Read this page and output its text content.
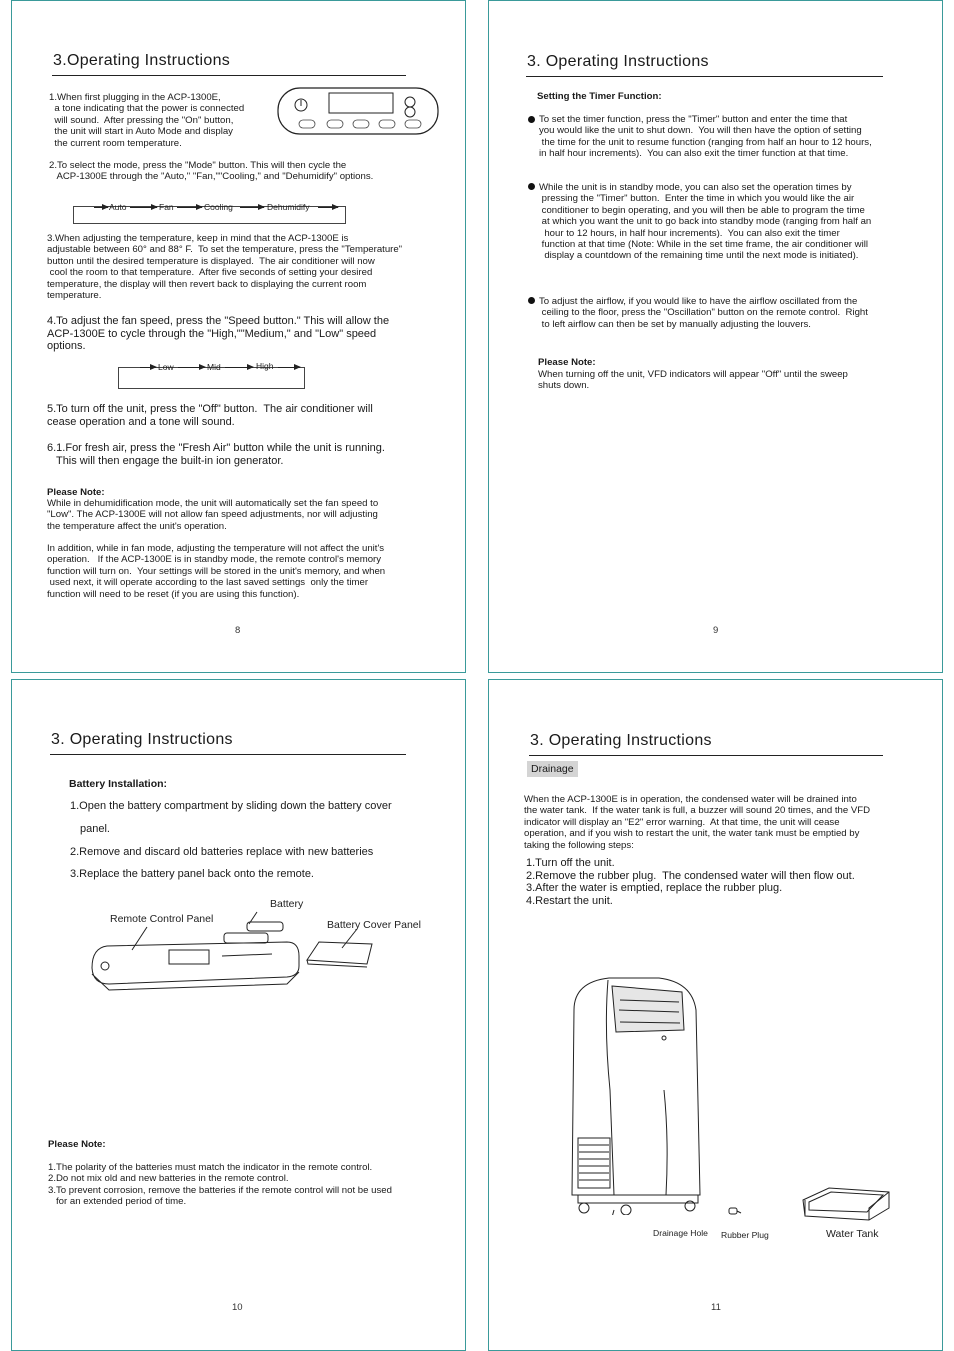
3.Operating Instructions
1.When first plugging in the ACP-1300E,
a tone indicating that the power is connected
will sound.  After pressing the "On" button,
the unit will start in Auto Mode and display
the current room temperature.
2.To select the mode, press the "Mode" button. This will then cycle the
ACP-1300E through the "Auto," "Fan,""Cooling," and "Dehumidify" options.
Auto	Fan	Cooling	Dehumidify
3.When adjusting the temperature, keep in mind that the ACP-1300E is
adjustable between 60° and 88° F.  To set the temperature, press the "Temperature"
button until the desired temperature is displayed.  The air conditioner will now
cool the room to that temperature.  After five seconds of setting your desired
temperature, the display will then revert back to displaying the current room
temperature.
4.To adjust the fan speed, press the "Speed button." This will allow the
ACP-1300E to cycle through the "High,""Medium," and "Low" speed
options.
Low	Mid	High
5.To turn off the unit, press the "Off" button.  The air conditioner will
cease operation and a tone will sound.
6.1.For fresh air, press the "Fresh Air" button while the unit is running.
This will then engage the built-in ion generator.
Please Note:
While in dehumidification mode, the unit will automatically set the fan speed to
"Low". The ACP-1300E will not allow fan speed adjustments, nor will adjusting
the temperature affect the unit's operation.
In addition, while in fan mode, adjusting the temperature will not affect the unit's
operation.   If the ACP-1300E is in standby mode, the remote control's memory
function will turn on.  Your settings will be stored in the unit's memory, and when
used next, it will operate according to the last saved settings  only the timer
function will need to be reset (if you are using this function).
8
3. Operating Instructions
Setting the Timer Function:
To set the timer function, press the "Timer" button and enter the time that
you would like the unit to shut down.  You will then have the option of setting
the time for the unit to resume function (ranging from half an hour to 12 hours,
in half hour increments).  You can also exit the timer function at that time.
While the unit is in standby mode, you can also set the operation times by
pressing the "Timer" button.  Enter the time in which you would like the air
conditioner to begin operating, and you will then be able to program the time
at which you want the unit to go back into standby mode (ranging from half an
hour to 12 hours, in half hour increments).  You can also exit the timer
function at that time (Note: While in the set time frame, the air conditioner will
display a countdown of the remaining time until the next mode is initiated).
To adjust the airflow, if you would like to have the airflow oscillated from the
ceiling to the floor, press the "Oscillation" button on the remote control.  Right
to left airflow can then be set by manually adjusting the louvers.
Please Note:
When turning off the unit, VFD indicators will appear "Off" until the sweep
shuts down.
9
3. Operating Instructions
Battery Installation:
1.Open the battery compartment by sliding down the battery cover
panel.
2.Remove and discard old batteries replace with new batteries
3.Replace the battery panel back onto the remote.
Battery
Remote Control Panel	Battery Cover Panel
Please Note:
1.The polarity of the batteries must match the indicator in the remote control.
2.Do not mix old and new batteries in the remote control.
3.To prevent corrosion, remove the batteries if the remote control will not be used
for an extended period of time.
10
3. Operating Instructions
Drainage
When the ACP-1300E is in operation, the condensed water will be drained into
the water tank.  If the water tank is full, a buzzer will sound 20 times, and the VFD
indicator will display an "E2" error warning.  At that time, the unit will cease
operation, and if you wish to restart the unit, the water tank must be emptied by
taking the following steps:
1.Turn off the unit.
2.Remove the rubber plug.  The condensed water will then flow out.
3.After the water is emptied, replace the rubber plug.
4.Restart the unit.
Drainage Hole Rubber Plug	Water Tank
11
